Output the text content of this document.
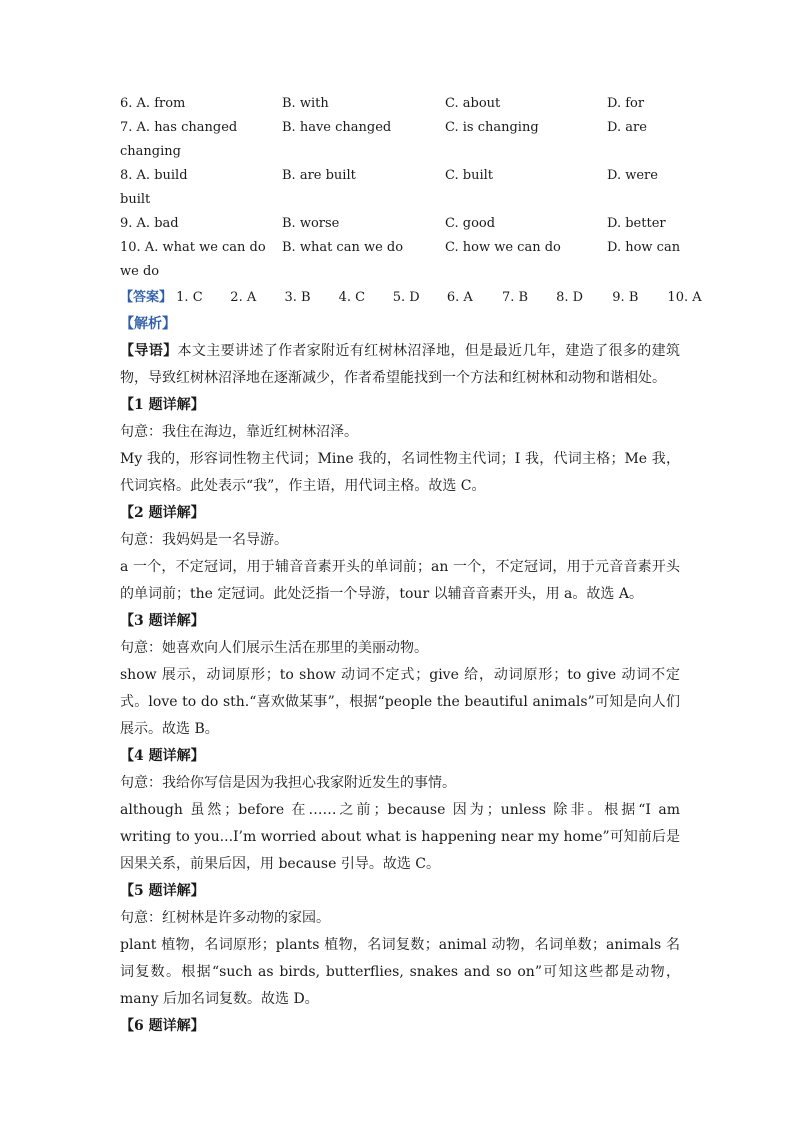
6. A. from	B. with	C. about	D. for
7. A. has changed	B. have changed	C. is changing	D. are
changing
8. A. build	B. are built	C. built	D. were
built
9. A. bad	B. worse	C. good	D. better
10. A. what we can do B. what can we do	C. how we can do	D. how can
we do
【答案】 1. C 2. A 3. B 4. C 5. D 6. A 7. B 8. D 9. B 10. A
【解析】
【导语】本文主要讲述了作者家附近有红树林沼泽地，但是最近几年，建造了很多的建筑物，导致红树林沼泽地在逐渐减少，作者希望能找到一个方法和红树林和动物和谐相处。
【1 题详解】
句意：我住在海边，靠近红树林沼泽。
My 我的，形容词性物主代词；Mine 我的，名词性物主代词；I 我，代词主格；Me 我，代词宾格。此处表示“我”，作主语，用代词主格。故选 C。
【2 题详解】
句意：我妈妈是一名导游。
a 一个，不定冠词，用于辅音音素开头的单词前；an 一个，不定冠词，用于元音音素开头的单词前；the 定冠词。此处泛指一个导游，tour 以辅音音素开头，用 a。故选 A。
【3 题详解】
句意：她喜欢向人们展示生活在那里的美丽动物。
show 展示，动词原形；to show 动词不定式；give 给，动词原形；to give 动词不定式。love to do sth.“喜欢做某事”，根据“people the beautiful animals”可知是向人们展示。故选 B。
【4 题详解】
句意：我给你写信是因为我担心我家附近发生的事情。
although 虽然；before 在……之前；because 因为；unless 除非。根据“I am writing to you...I’m worried about what is happening near my home”可知前后是因果关系，前果后因，用 because 引导。故选 C。
【5 题详解】
句意：红树林是许多动物的家园。
plant 植物，名词原形；plants 植物，名词复数；animal 动物，名词单数；animals 名词复数。根据“such as birds, butterflies, snakes and so on”可知这些都是动物，many 后加名词复数。故选 D。
【6 题详解】
